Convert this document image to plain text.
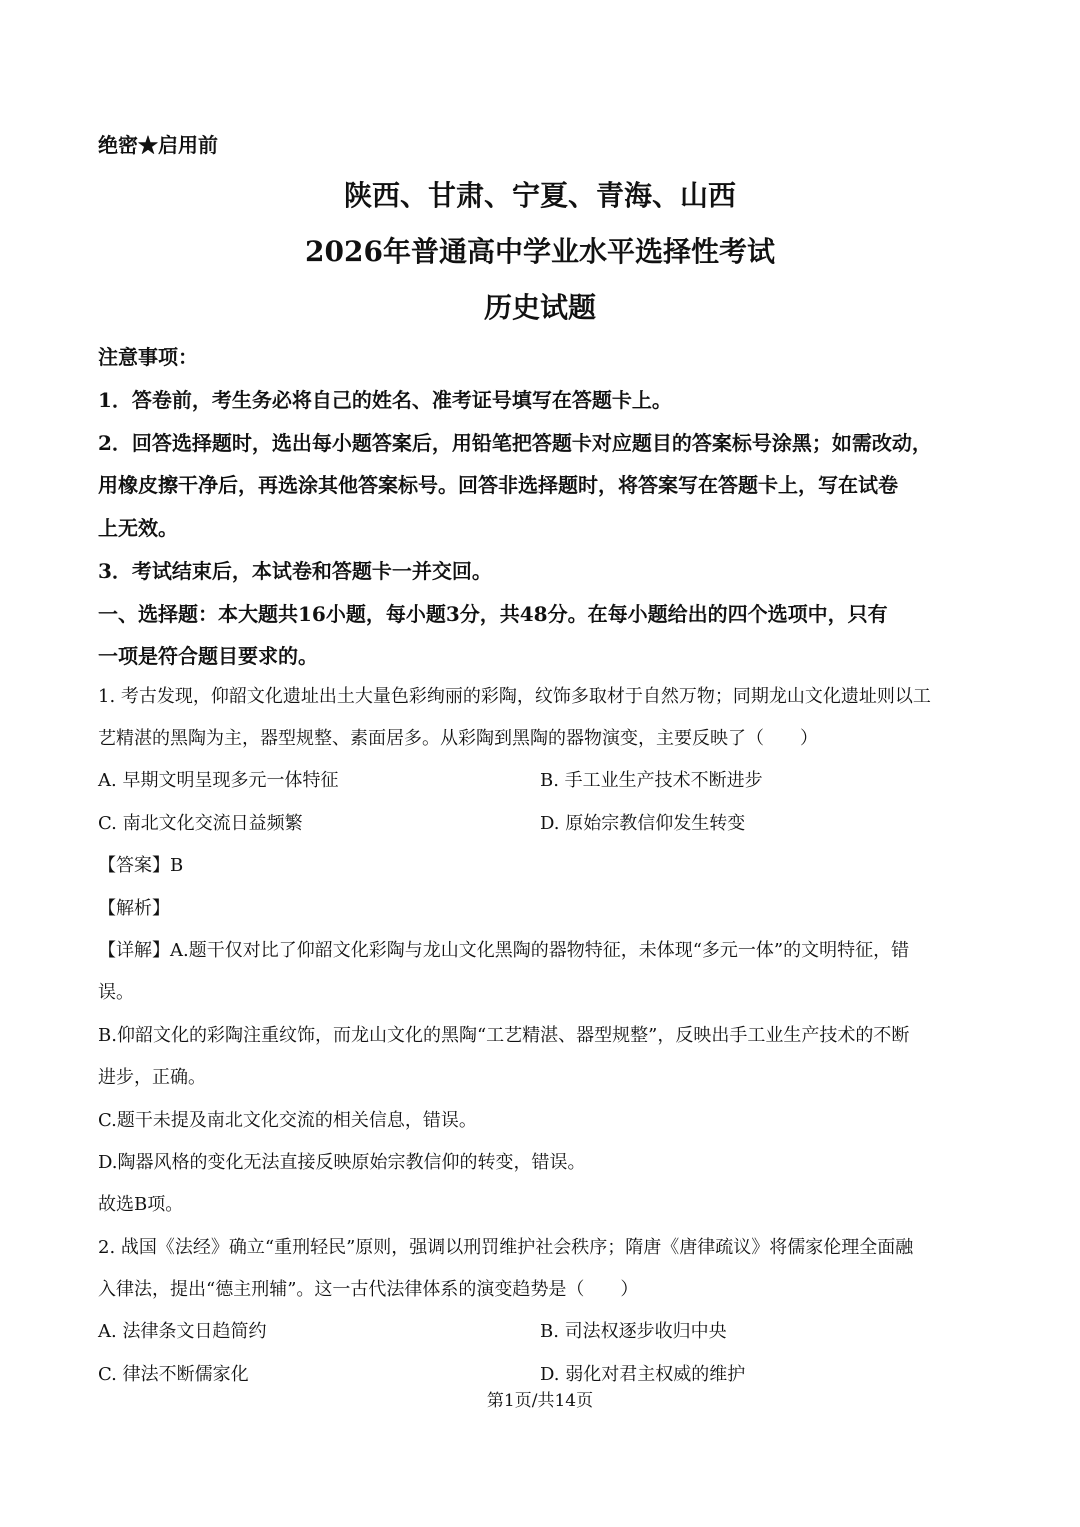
绝密★启用前
陕西、甘肃、宁夏、青海、山西
2026年普通高中学业水平选择性考试
历史试题
注意事项：
1．答卷前，考生务必将自己的姓名、准考证号填写在答题卡上。
2．回答选择题时，选出每小题答案后，用铅笔把答题卡对应题目的答案标号涂黑；如需改动，
用橡皮擦干净后，再选涂其他答案标号。回答非选择题时，将答案写在答题卡上，写在试卷
上无效。
3．考试结束后，本试卷和答题卡一并交回。
一、选择题：本大题共16小题，每小题3分，共48分。在每小题给出的四个选项中，只有
一项是符合题目要求的。
1. 考古发现，仰韶文化遗址出土大量色彩绚丽的彩陶，纹饰多取材于自然万物；同期龙山文化遗址则以工
艺精湛的黑陶为主，器型规整、素面居多。从彩陶到黑陶的器物演变，主要反映了（　　）
A. 早期文明呈现多元一体特征	B. 手工业生产技术不断进步
C. 南北文化交流日益频繁	D. 原始宗教信仰发生转变
【答案】B
【解析】
【详解】A.题干仅对比了仰韶文化彩陶与龙山文化黑陶的器物特征，未体现“多元一体”的文明特征，错
误。
B.仰韶文化的彩陶注重纹饰，而龙山文化的黑陶“工艺精湛、器型规整”，反映出手工业生产技术的不断
进步，正确。
C.题干未提及南北文化交流的相关信息，错误。
D.陶器风格的变化无法直接反映原始宗教信仰的转变，错误。
故选B项。
2. 战国《法经》确立“重刑轻民”原则，强调以刑罚维护社会秩序；隋唐《唐律疏议》将儒家伦理全面融
入律法，提出“德主刑辅”。这一古代法律体系的演变趋势是（　　）
A. 法律条文日趋简约	B. 司法权逐步收归中央
C. 律法不断儒家化	D. 弱化对君主权威的维护
第1页/共14页
